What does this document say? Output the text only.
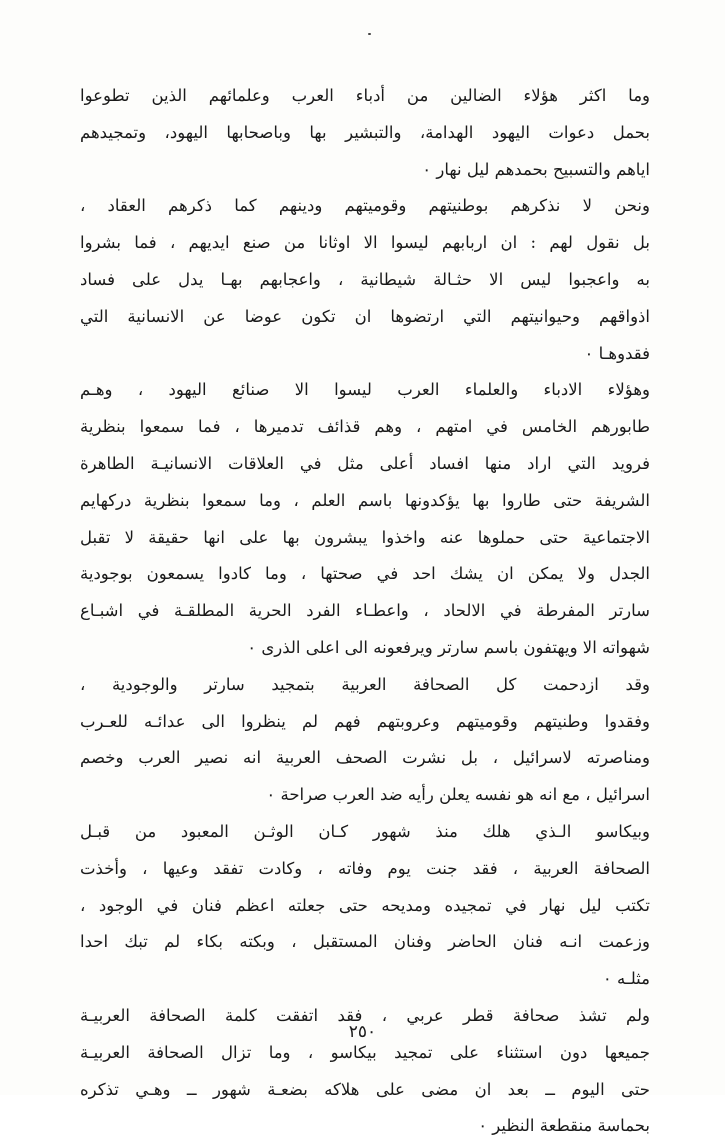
وما اكثر هؤلاء الضالين من أدباء العرب وعلمائهم الذين تطوعوا
بحمل دعوات اليهود الهدامة، والتبشير بها وباصحابها اليهود، وتمجيدهم
اياهم والتسبيح بحمدهم ليل نهار ٠
ونحن لا نذكرهم بوطنيتهم وقوميتهم ودينهم كما ذكرهم العقاد ،
بل نقول لهم : ان اربابهم ليسوا الا اوثانا من صنع ايديهم ، فما بشروا
به واعجبوا ليس الا حثـالة شيطانية ، واعجابهم بهـا يدل على فساد
اذواقهم وحيوانيتهم التي ارتضوها ان تكون عوضا عن الانسانية التي
فقدوهـا ٠
وهؤلاء الادباء والعلماء العرب ليسوا الا صنائع اليهود ، وهـم
طابورهم الخامس في امتهم ، وهم قذائف تدميرها ، فما سمعوا بنظرية
فرويد التي اراد منها افساد أعلى مثل في العلاقات الانسانيـة الطاهرة
الشريفة حتى طاروا بها يؤكدونها باسم العلم ، وما سمعوا بنظرية دركهايم
الاجتماعية حتى حملوها عنه واخذوا يبشرون بها على انها حقيقة لا تقبل
الجدل ولا يمكن ان يشك احد في صحتها ، وما كادوا يسمعون بوجودية
سارتر المفرطة في الالحاد ، واعطـاء الفرد الحرية المطلقـة في اشبـاع
شهواته الا ويهتفون باسم سارتر ويرفعونه الى اعلى الذرى ٠
وقد ازدحمت كل الصحافة العربية بتمجيد سارتر والوجودية ،
وفقدوا وطنيتهم وقوميتهم وعروبتهم فهم لم ينظروا الى عدائـه للعـرب
ومناصرته لاسرائيل ، بل نشرت الصحف العربية انه نصير العرب وخصم
اسرائيل ، مع انه هو نفسه يعلن رأيه ضد العرب صراحة ٠
وبيكاسو الـذي هلك منذ شهور كـان الوثـن المعبود من قبـل
الصحافة العربية ، فقد جنت يوم وفاته ، وكادت تفقد وعيها ، وأخذت
تكتب ليل نهار في تمجيده ومديحه حتى جعلته اعظم فنان في الوجود ،
وزعمت انـه فنان الحاضر وفنان المستقبل ، وبكته بكاء لم تبك احدا
مثلـه ٠
ولم تشذ صحافة قطر عربي ، فقد اتفقت كلمة الصحافة العربيـة
جميعها دون استثناء على تمجيد بيكاسو ، وما تزال الصحافة العربيـة
حتى اليوم ــ بعد ان مضى على هلاكه بضعـة شهور ــ وهـي تذكره
بحماسة منقطعة النظير ٠
٢٥٠
